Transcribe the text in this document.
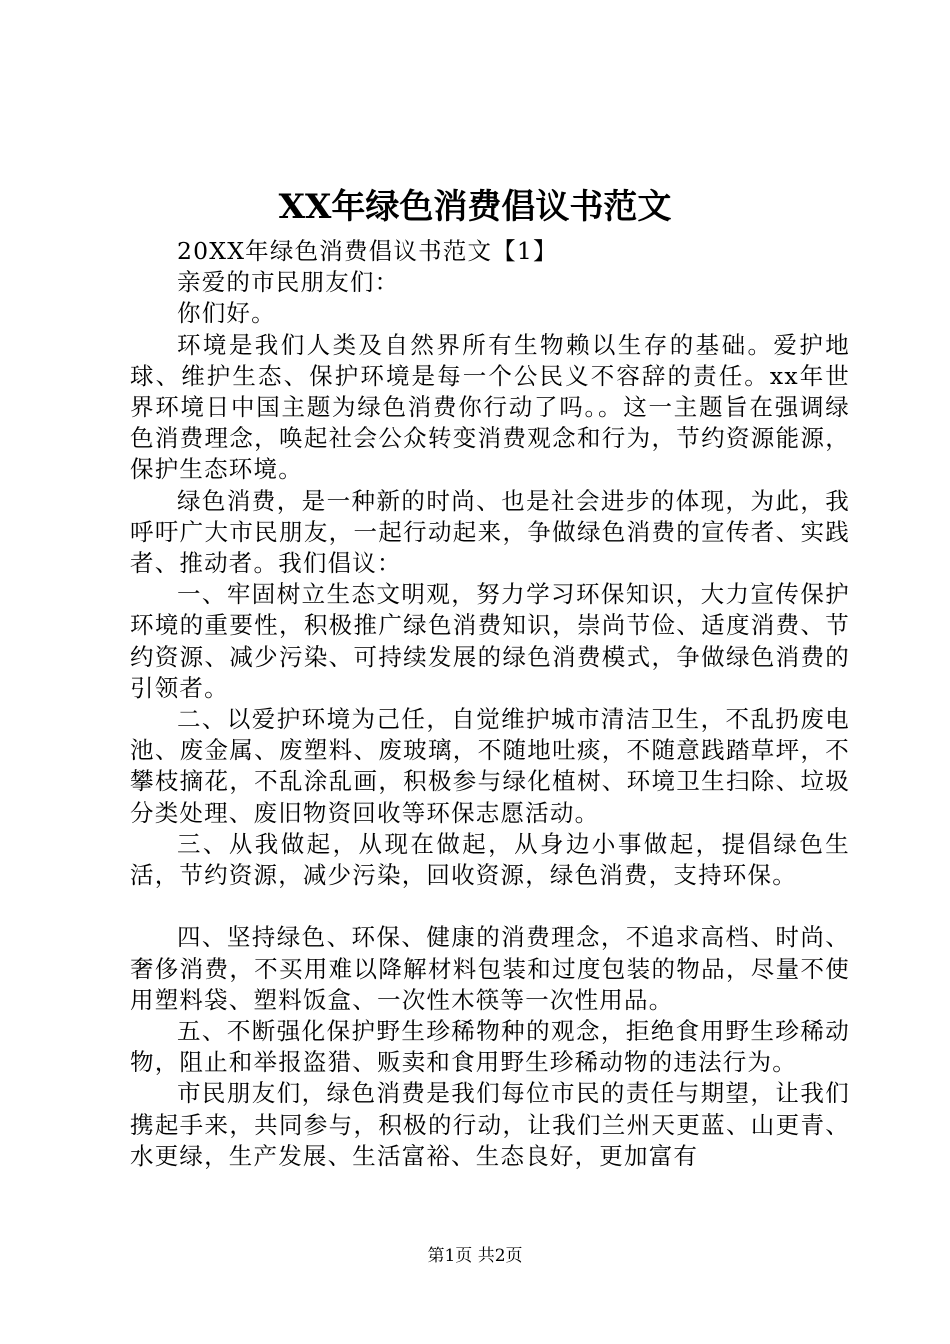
XX年绿色消费倡议书范文

20XX年绿色消费倡议书范文【1】

亲爱的市民朋友们：

你们好。

环境是我们人类及自然界所有生物赖以生存的基础。爱护地球、维护生态、保护环境是每一个公民义不容辞的责任。xx年世界环境日中国主题为绿色消费你行动了吗。。这一主题旨在强调绿色消费理念，唤起社会公众转变消费观念和行为，节约资源能源，保护生态环境。

绿色消费，是一种新的时尚、也是社会进步的体现，为此，我呼吁广大市民朋友，一起行动起来，争做绿色消费的宣传者、实践者、推动者。我们倡议：

一、牢固树立生态文明观，努力学习环保知识，大力宣传保护环境的重要性，积极推广绿色消费知识，崇尚节俭、适度消费、节约资源、减少污染、可持续发展的绿色消费模式，争做绿色消费的引领者。

二、以爱护环境为己任，自觉维护城市清洁卫生，不乱扔废电池、废金属、废塑料、废玻璃，不随地吐痰，不随意践踏草坪，不攀枝摘花，不乱涂乱画，积极参与绿化植树、环境卫生扫除、垃圾分类处理、废旧物资回收等环保志愿活动。

三、从我做起，从现在做起，从身边小事做起，提倡绿色生活，节约资源，减少污染，回收资源，绿色消费，支持环保。

四、坚持绿色、环保、健康的消费理念，不追求高档、时尚、奢侈消费，不买用难以降解材料包装和过度包装的物品，尽量不使用塑料袋、塑料饭盒、一次性木筷等一次性用品。

五、不断强化保护野生珍稀物种的观念，拒绝食用野生珍稀动物，阻止和举报盗猎、贩卖和食用野生珍稀动物的违法行为。

市民朋友们，绿色消费是我们每位市民的责任与期望，让我们携起手来，共同参与，积极的行动，让我们兰州天更蓝、山更青、水更绿，生产发展、生活富裕、生态良好，更加富有

第1页 共2页
